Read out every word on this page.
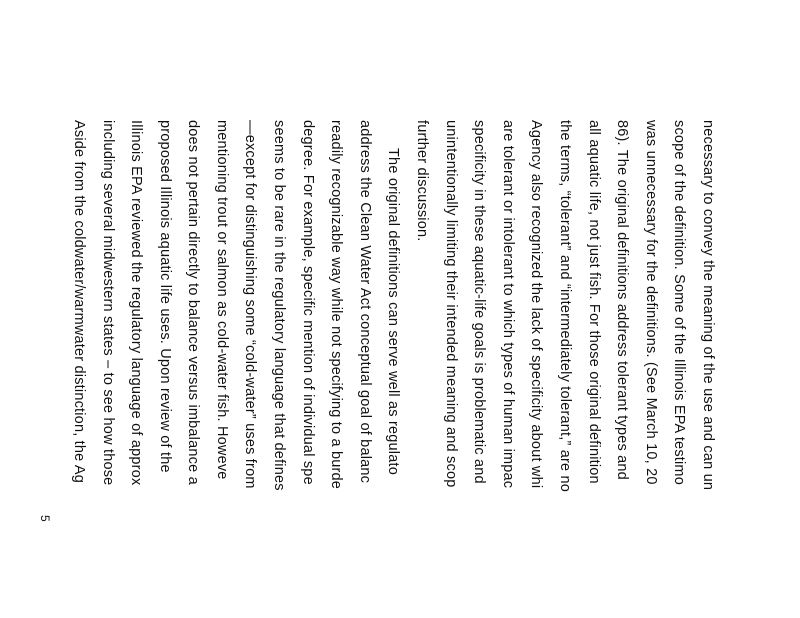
necessary to convey the meaning of the use and can un
scope of the definition. Some of the Illinois EPA testimo
was unnecessary for the definitions. (See March 10, 20
86). The original definitions address tolerant types and
all aquatic life, not just fish. For those original definition
the terms, “tolerant” and “intermediately tolerant,” are no
Agency also recognized the lack of specificity about whi
are tolerant or intolerant to which types of human impac
specificity in these aquatic-life goals is problematic and
unintentionally limiting their intended meaning and scop
further discussion.
The original definitions can serve well as regulato
address the Clean Water Act conceptual goal of balanc
readily recognizable way while not specifying to a burde
degree. For example, specific mention of individual spe
seems to be rare in the regulatory language that defines
—except for distinguishing some “cold-water” uses from
mentioning trout or salmon as cold-water fish. Howeve
does not pertain directly to balance versus imbalance a
proposed Illinois aquatic life uses. Upon review of the
Illinois EPA reviewed the regulatory language of approx
including several midwestern states – to see how those
Aside from the coldwater/warmwater distinction, the Ag
5
